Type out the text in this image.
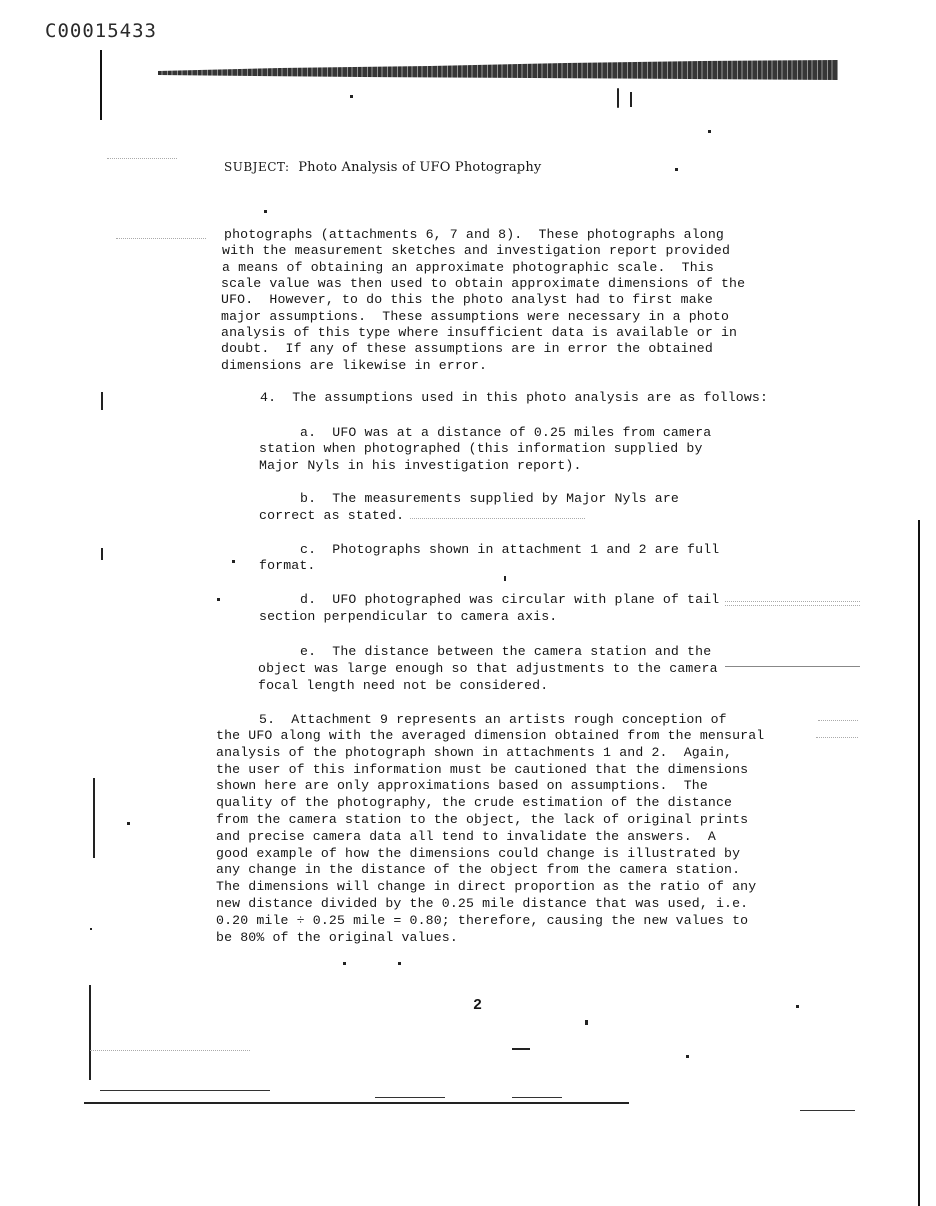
C00015433
SUBJECT: Photo Analysis of UFO Photography
photographs (attachments 6, 7 and 8).  These photographs along
with the measurement sketches and investigation report provided
a means of obtaining an approximate photographic scale.  This
scale value was then used to obtain approximate dimensions of the
UFO.  However, to do this the photo analyst had to first make
major assumptions.  These assumptions were necessary in a photo
analysis of this type where insufficient data is available or in
doubt.  If any of these assumptions are in error the obtained
dimensions are likewise in error.
4.  The assumptions used in this photo analysis are as follows:
a.  UFO was at a distance of 0.25 miles from camera
station when photographed (this information supplied by
Major Nyls in his investigation report).
b.  The measurements supplied by Major Nyls are
correct as stated.
c.  Photographs shown in attachment 1 and 2 are full
format.
d.  UFO photographed was circular with plane of tail
section perpendicular to camera axis.
e.  The distance between the camera station and the
object was large enough so that adjustments to the camera
focal length need not be considered.
5.  Attachment 9 represents an artists rough conception of
the UFO along with the averaged dimension obtained from the mensural
analysis of the photograph shown in attachments 1 and 2.  Again,
the user of this information must be cautioned that the dimensions
shown here are only approximations based on assumptions.  The
quality of the photography, the crude estimation of the distance
from the camera station to the object, the lack of original prints
and precise camera data all tend to invalidate the answers.  A
good example of how the dimensions could change is illustrated by
any change in the distance of the object from the camera station.
The dimensions will change in direct proportion as the ratio of any
new distance divided by the 0.25 mile distance that was used, i.e.
0.20 mile ÷ 0.25 mile = 0.80; therefore, causing the new values to
be 80% of the original values.
2
